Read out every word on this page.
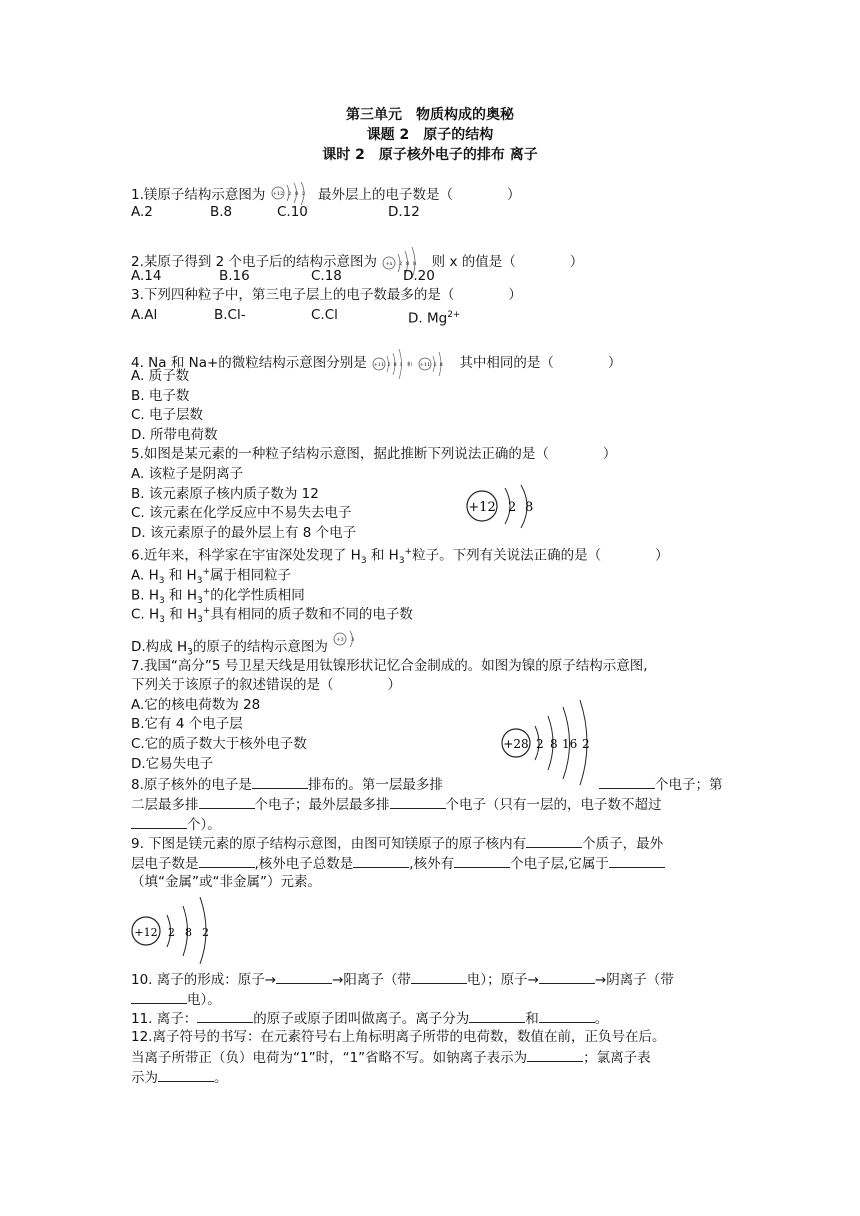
第三单元　物质构成的奥秘
课题 2　原子的结构
课时 2　原子核外电子的排布 离子
1.镁原子结构示意图为 +12 2 8 2 最外层上的电子数是（　　　　）
A.2	B.8	C.10	D.12
2.某原子得到 2 个电子后的结构示意图为 +x 2 8 8 则 x 的值是（　　　　）
A.14	B.16	C.18	D.20
3.下列四种粒子中，第三电子层上的电子数最多的是（　　　　）
A.Al	B.Cl-	C.Cl	D. $Mg^{2+}$
4. Na 和 Na+的微粒结构示意图分别是 +11 2 8 1 和 +11 2 8 其中相同的是（　　　　）
A. 质子数
B. 电子数
C. 电子层数
D. 所带电荷数
5.如图是某元素的一种粒子结构示意图，据此推断下列说法正确的是（　　　　）
A. 该粒子是阴离子
B. 该元素原子核内质子数为 12
C. 该元素在化学反应中不易失去电子
D. 该元素原子的最外层上有 8 个电子
+12 2 8
6.近年来，科学家在宇宙深处发现了 $H_3$ 和 $H_3^+$粒子。下列有关说法正确的是（　　　　）
A. $H_3$ 和 $H_3^+$属于相同粒子
B. $H_3$ 和 $H_3^+$的化学性质相同
C. $H_3$ 和 $H_3^+$具有相同的质子数和不同的电子数
D.构成 $H_3$的原子的结构示意图为 +3 3
7.我国“高分”5 号卫星天线是用钛镍形状记忆合金制成的。如图为镍的原子结构示意图,
下列关于该原子的叙述错误的是（　　　　）
A.它的核电荷数为 28
B.它有 4 个电子层
C.它的质子数大于核外电子数
D.它易失电子
+28 2 8 16 2
8.原子核外的电子是	排布的。第一层最多排	个电子；第
二层最多排	个电子；最外层最多排	个电子（只有一层的，电子数不超过
个）。
9. 下图是镁元素的原子结构示意图，由图可知镁原子的原子核内有	个质子，最外
层电子数是	,核外电子总数是	,核外有	个电子层,它属于
（填“金属”或“非金属”）元素。
+12 2 8 2
10. 离子的形成：原子→	→阳离子（带	电）；原子→	→阴离子（带
电）。
11. 离子：	的原子或原子团叫做离子。离子分为	和	。
12.离子符号的书写：在元素符号右上角标明离子所带的电荷数，数值在前，正负号在后。
当离子所带正（负）电荷为“1”时，“1”省略不写。如钠离子表示为	；氯离子表
示为	。
